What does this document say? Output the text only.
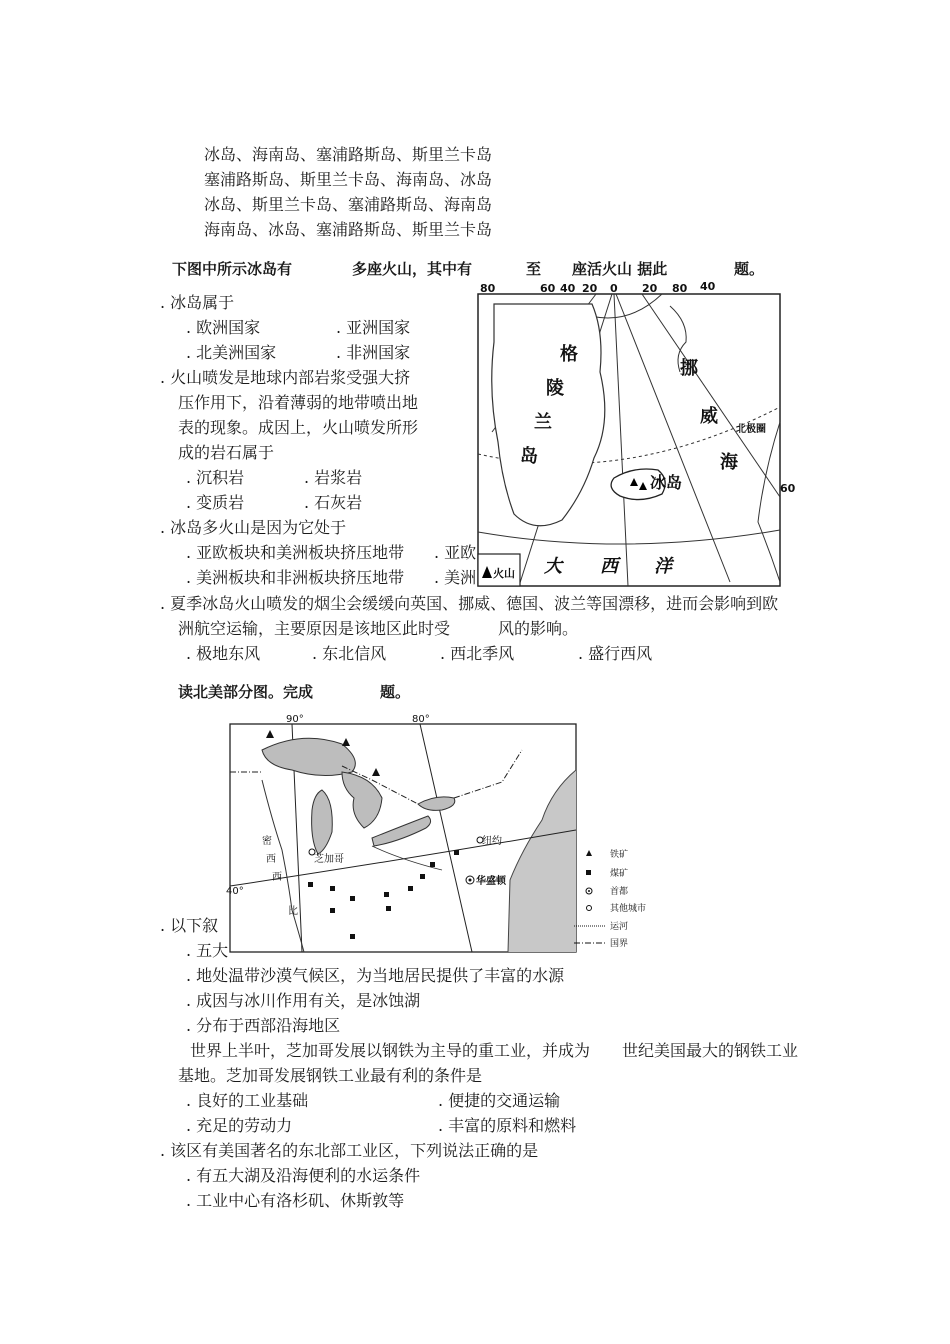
冰岛、海南岛、塞浦路斯岛、斯里兰卡岛
塞浦路斯岛、斯里兰卡岛、海南岛、冰岛
冰岛、斯里兰卡岛、塞浦路斯岛、海南岛
海南岛、冰岛、塞浦路斯岛、斯里兰卡岛
下图中所示冰岛有	多座火山，其中有	至 座活火山 据此	题。
. 冰岛属于
. 欧洲国家	. 亚洲国家
. 北美洲国家	. 非洲国家
. 火山喷发是地球内部岩浆受强大挤
压作用下，沿着薄弱的地带喷出地
表的现象。成因上，火山喷发所形
成的岩石属于
. 沉积岩	. 岩浆岩
. 变质岩	. 石灰岩
. 冰岛多火山是因为它处于
. 亚欧板块和美洲板块挤压地带 . 亚欧
. 美洲板块和非洲板块挤压地带 . 美洲
80	60 40 20 0 20 80 40
60
格
陵
兰
岛
挪
威
海
北极圈
冰岛
大 西 洋
火山
. 夏季冰岛火山喷发的烟尘会缓缓向英国、挪威、德国、波兰等国漂移，进而会影响到欧
洲航空运输，主要原因是该地区此时受	风的影响。
. 极地东风	. 东北信风	. 西北季风	. 盛行西风
读北美部分图。完成	题。
90°	80°
40°
芝加哥
纽约
华盛顿
密
西
西
比
铁矿
煤矿
首都
其他城市
运河
国界
. 以下叙
. 五大
. 地处温带沙漠气候区，为当地居民提供了丰富的水源
. 成因与冰川作用有关，是冰蚀湖
. 分布于西部沿海地区
世界上半叶，芝加哥发展以钢铁为主导的重工业，并成为 世纪美国最大的钢铁工业
基地。芝加哥发展钢铁工业最有利的条件是
. 良好的工业基础	. 便捷的交通运输
. 充足的劳动力	. 丰富的原料和燃料
. 该区有美国著名的东北部工业区，下列说法正确的是
. 有五大湖及沿海便利的水运条件
. 工业中心有洛杉矶、休斯敦等
